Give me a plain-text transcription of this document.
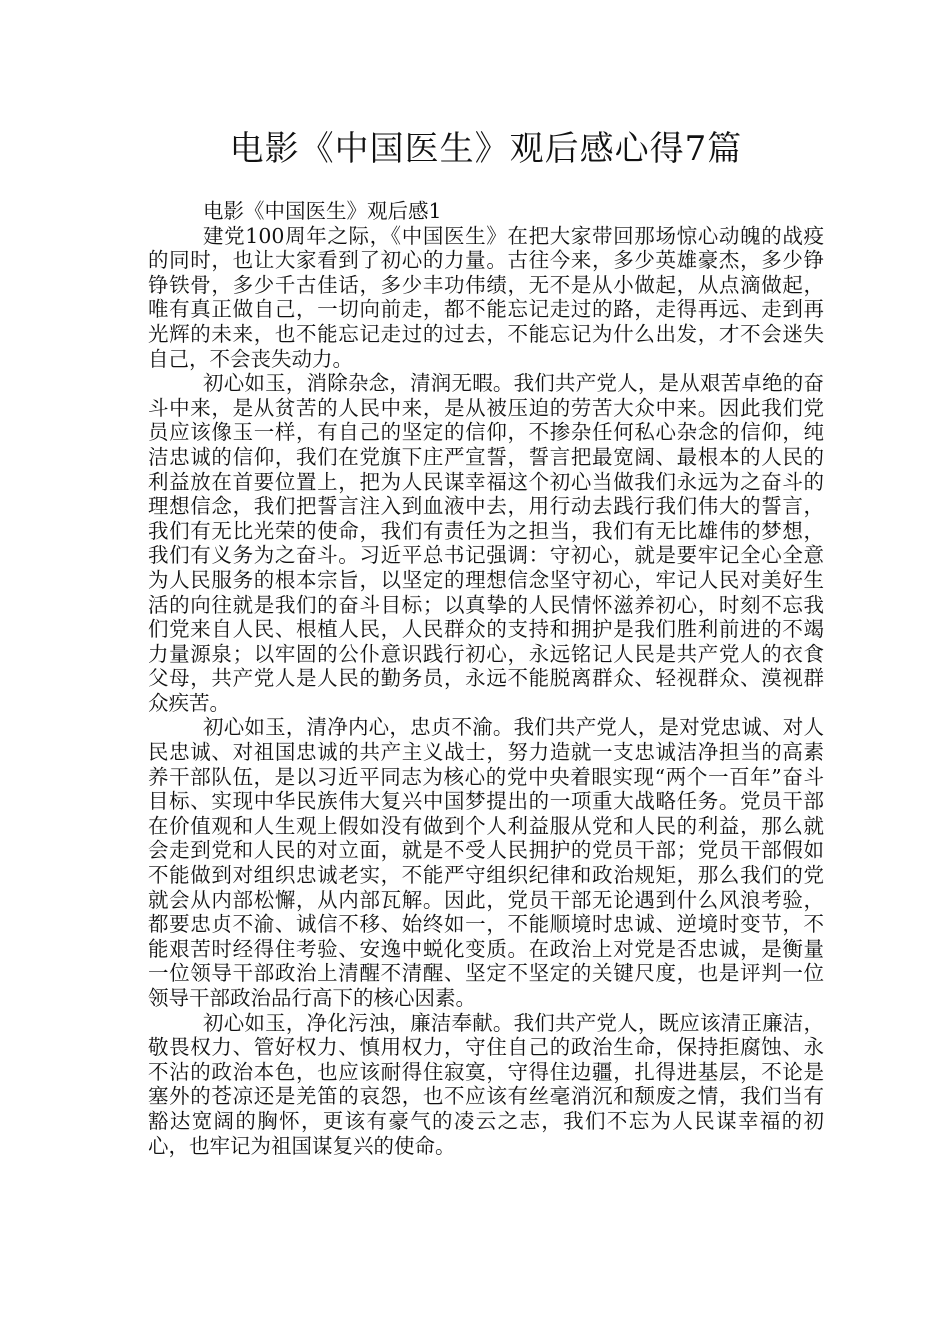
电影《中国医生》观后感心得7篇

电影《中国医生》观后感1

建党100周年之际，《中国医生》在把大家带回那场惊心动魄的战疫的同时，也让大家看到了初心的力量。古往今来，多少英雄豪杰，多少铮铮铁骨，多少千古佳话，多少丰功伟绩，无不是从小做起，从点滴做起，唯有真正做自己，一切向前走，都不能忘记走过的路，走得再远、走到再光辉的未来，也不能忘记走过的过去，不能忘记为什么出发，才不会迷失自己，不会丧失动力。

初心如玉，消除杂念，清润无暇。我们共产党人，是从艰苦卓绝的奋斗中来，是从贫苦的人民中来，是从被压迫的劳苦大众中来。因此我们党员应该像玉一样，有自己的坚定的信仰，不掺杂任何私心杂念的信仰，纯洁忠诚的信仰，我们在党旗下庄严宣誓，誓言把最宽阔、最根本的人民的利益放在首要位置上，把为人民谋幸福这个初心当做我们永远为之奋斗的理想信念，我们把誓言注入到血液中去，用行动去践行我们伟大的誓言，我们有无比光荣的使命，我们有责任为之担当，我们有无比雄伟的梦想，我们有义务为之奋斗。习近平总书记强调：守初心，就是要牢记全心全意为人民服务的根本宗旨，以坚定的理想信念坚守初心，牢记人民对美好生活的向往就是我们的奋斗目标；以真挚的人民情怀滋养初心，时刻不忘我们党来自人民、根植人民，人民群众的支持和拥护是我们胜利前进的不竭力量源泉；以牢固的公仆意识践行初心，永远铭记人民是共产党人的衣食父母，共产党人是人民的勤务员，永远不能脱离群众、轻视群众、漠视群众疾苦。

初心如玉，清净内心，忠贞不渝。我们共产党人，是对党忠诚、对人民忠诚、对祖国忠诚的共产主义战士，努力造就一支忠诚洁净担当的高素养干部队伍，是以习近平同志为核心的党中央着眼实现“两个一百年”奋斗目标、实现中华民族伟大复兴中国梦提出的一项重大战略任务。党员干部在价值观和人生观上假如没有做到个人利益服从党和人民的利益，那么就会走到党和人民的对立面，就是不受人民拥护的党员干部；党员干部假如不能做到对组织忠诚老实，不能严守组织纪律和政治规矩，那么我们的党就会从内部松懈，从内部瓦解。因此，党员干部无论遇到什么风浪考验，都要忠贞不渝、诚信不移、始终如一，不能顺境时忠诚、逆境时变节，不能艰苦时经得住考验、安逸中蜕化变质。在政治上对党是否忠诚，是衡量一位领导干部政治上清醒不清醒、坚定不坚定的关键尺度，也是评判一位领导干部政治品行高下的核心因素。

初心如玉，净化污浊，廉洁奉献。我们共产党人，既应该清正廉洁，敬畏权力、管好权力、慎用权力，守住自己的政治生命，保持拒腐蚀、永不沾的政治本色，也应该耐得住寂寞，守得住边疆，扎得进基层，不论是塞外的苍凉还是羌笛的哀怨，也不应该有丝毫消沉和颓废之情，我们当有豁达宽阔的胸怀，更该有豪气的凌云之志，我们不忘为人民谋幸福的初心，也牢记为祖国谋复兴的使命。
